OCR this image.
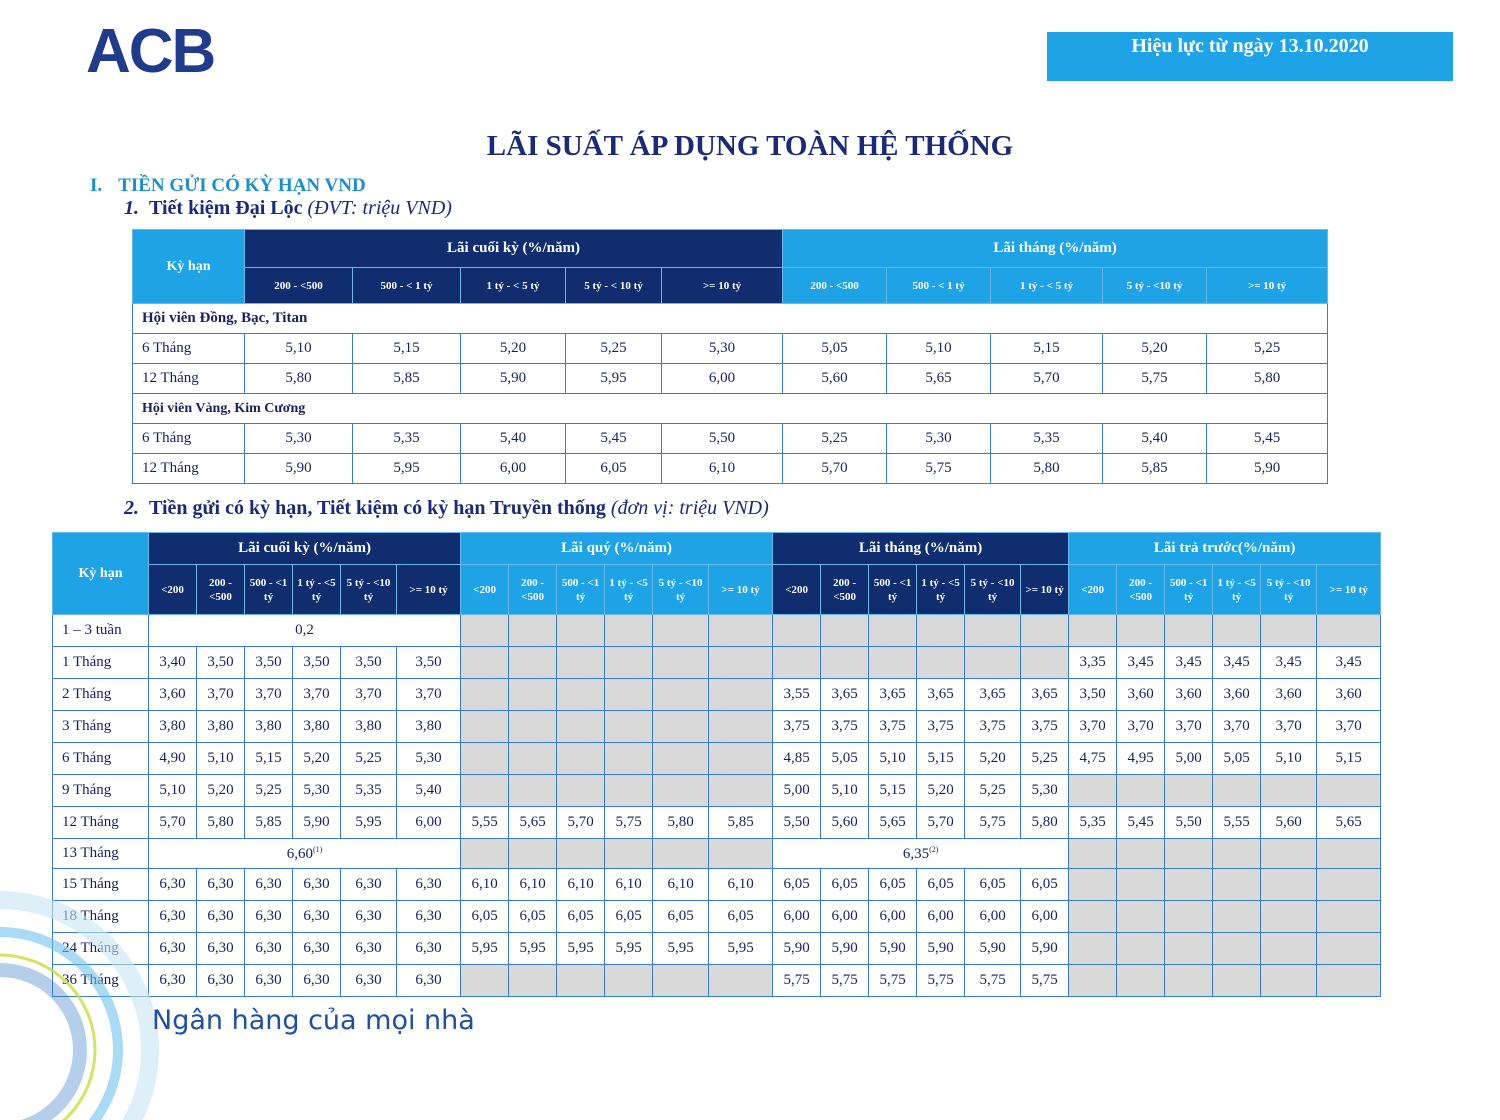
ACB	Hiệu lực từ ngày 13.10.2020
LÃI SUẤT ÁP DỤNG TOÀN HỆ THỐNG
I. TIỀN GỬI CÓ KỲ HẠN VND
1. Tiết kiệm Đại Lộc (ĐVT: triệu VND)
Kỳ hạn	Lãi cuối kỳ (%/năm)					Lãi tháng (%/năm)				
	200 - <500	500 - < 1 tỷ	1 tỷ - < 5 tỷ	5 tỷ - < 10 tỷ	>= 10 tỷ	200 - <500	500 - < 1 tỷ	1 tỷ - < 5 tỷ	5 tỷ - <10 tỷ	>= 10 tỷ
Hội viên Đồng, Bạc, Titan										
6 Tháng	5,10	5,15	5,20	5,25	5,30	5,05	5,10	5,15	5,20	5,25
12 Tháng	5,80	5,85	5,90	5,95	6,00	5,60	5,65	5,70	5,75	5,80
Hội viên Vàng, Kim Cương										
6 Tháng	5,30	5,35	5,40	5,45	5,50	5,25	5,30	5,35	5,40	5,45
12 Tháng	5,90	5,95	6,00	6,05	6,10	5,70	5,75	5,80	5,85	5,90
2. Tiền gửi có kỳ hạn, Tiết kiệm có kỳ hạn Truyền thống (đơn vị: triệu VND)
Kỳ hạn	Lãi cuối kỳ (%/năm)						Lãi quý (%/năm)						Lãi tháng (%/năm)						Lãi trả trước(%/năm)					
	<200	200 - <500	500 - <1 tỷ	1 tỷ - <5 tỷ	5 tỷ - <10 tỷ	>= 10 tỷ	<200	200 - <500	500 - <1 tỷ	1 tỷ - <5 tỷ	5 tỷ - <10 tỷ	>= 10 tỷ	<200	200 - <500	500 - <1 tỷ	1 tỷ - <5 tỷ	5 tỷ - <10 tỷ	>= 10 tỷ	<200	200 - <500	500 - <1 tỷ	1 tỷ - <5 tỷ	5 tỷ - <10 tỷ	>= 10 tỷ
1 – 3 tuần	0,2																							
1 Tháng	3,40	3,50	3,50	3,50	3,50	3,50													3,35	3,45	3,45	3,45	3,45	3,45
2 Tháng	3,60	3,70	3,70	3,70	3,70	3,70							3,55	3,65	3,65	3,65	3,65	3,65	3,50	3,60	3,60	3,60	3,60	3,60
3 Tháng	3,80	3,80	3,80	3,80	3,80	3,80							3,75	3,75	3,75	3,75	3,75	3,75	3,70	3,70	3,70	3,70	3,70	3,70
6 Tháng	4,90	5,10	5,15	5,20	5,25	5,30							4,85	5,05	5,10	5,15	5,20	5,25	4,75	4,95	5,00	5,05	5,10	5,15
9 Tháng	5,10	5,20	5,25	5,30	5,35	5,40							5,00	5,10	5,15	5,20	5,25	5,30						
12 Tháng	5,70	5,80	5,85	5,90	5,95	6,00	5,55	5,65	5,70	5,75	5,80	5,85	5,50	5,60	5,65	5,70	5,75	5,80	5,35	5,45	5,50	5,55	5,60	5,65
13 Tháng	6,60$^{(1)}$												6,35$^{(2)}$						
15 Tháng	6,30	6,30	6,30	6,30	6,30	6,30	6,10	6,10	6,10	6,10	6,10	6,10	6,05	6,05	6,05	6,05	6,05	6,05						
18 Tháng	6,30	6,30	6,30	6,30	6,30	6,30	6,05	6,05	6,05	6,05	6,05	6,05	6,00	6,00	6,00	6,00	6,00	6,00						
24 Tháng	6,30	6,30	6,30	6,30	6,30	6,30	5,95	5,95	5,95	5,95	5,95	5,95	5,90	5,90	5,90	5,90	5,90	5,90						
36 Tháng	6,30	6,30	6,30	6,30	6,30	6,30							5,75	5,75	5,75	5,75	5,75	5,75						
Ngân hàng của mọi nhà
